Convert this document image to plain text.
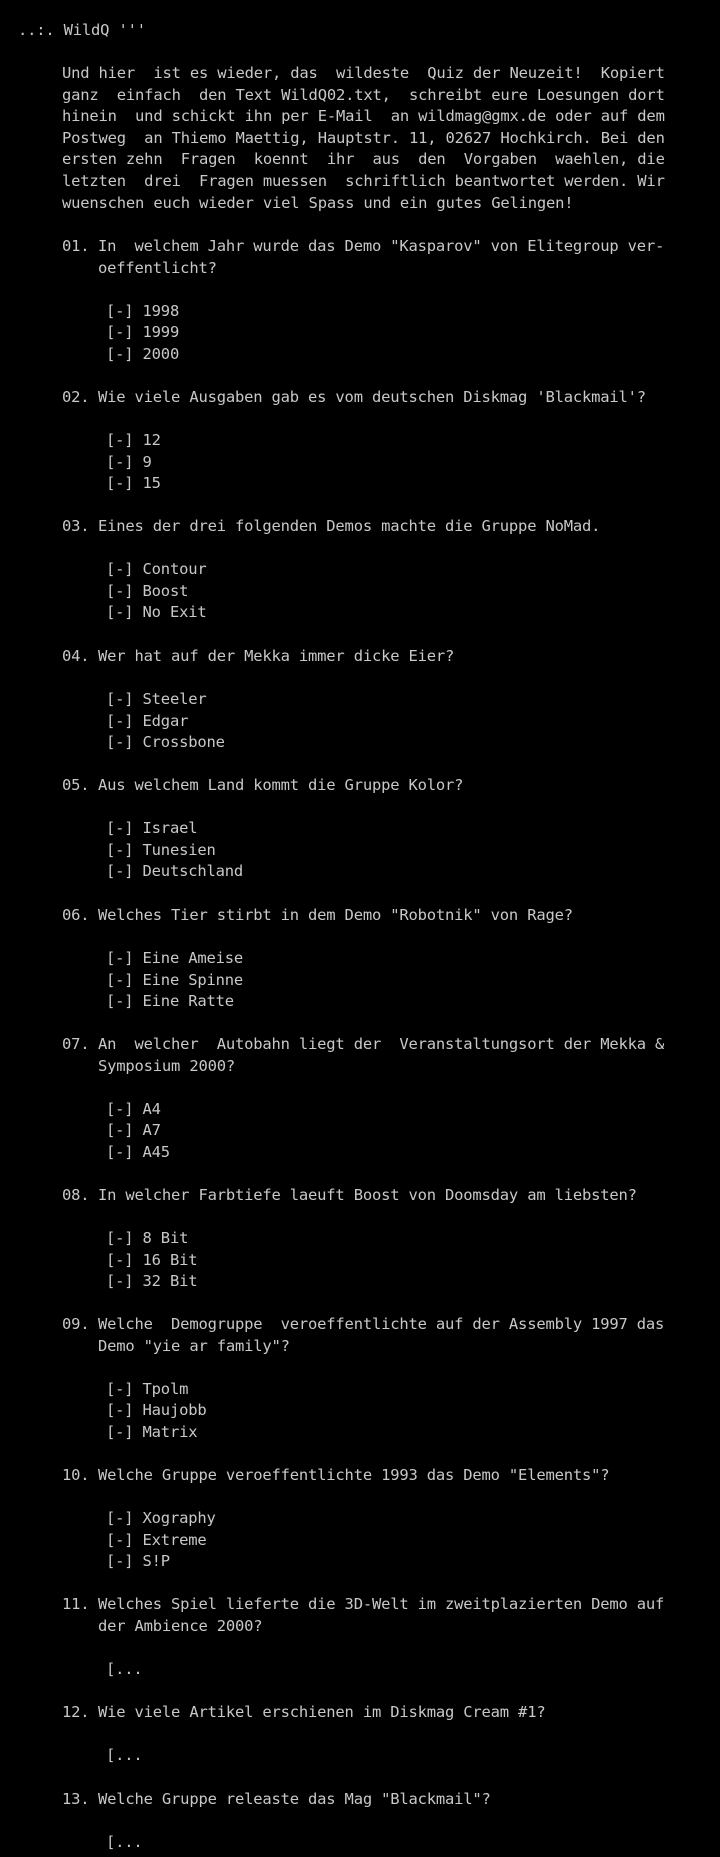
..:. WildQ '''

Und hier  ist es wieder, das  wildeste  Quiz der Neuzeit!  Kopiert

ganz  einfach  den Text WildQ02.txt,  schreibt eure Loesungen dort

hinein  und schickt ihn per E-Mail  an wildmag@gmx.de oder auf dem

Postweg  an Thiemo Maettig, Hauptstr. 11, 02627 Hochkirch. Bei den

ersten zehn  Fragen  koennt  ihr  aus  den  Vorgaben  waehlen, die

letzten  drei  Fragen muessen  schriftlich beantwortet werden. Wir

wuenschen euch wieder viel Spass und ein gutes Gelingen!

01. In  welchem Jahr wurde das Demo "Kasparov" von Elitegroup ver-
oeffentlicht?
[-] 1998
[-] 1999
[-] 2000
02. Wie viele Ausgaben gab es vom deutschen Diskmag 'Blackmail'?
[-] 12
[-] 9
[-] 15
03. Eines der drei folgenden Demos machte die Gruppe NoMad.
[-] Contour
[-] Boost
[-] No Exit
04. Wer hat auf der Mekka immer dicke Eier?
[-] Steeler
[-] Edgar
[-] Crossbone
05. Aus welchem Land kommt die Gruppe Kolor?
[-] Israel
[-] Tunesien
[-] Deutschland
06. Welches Tier stirbt in dem Demo "Robotnik" von Rage?
[-] Eine Ameise
[-] Eine Spinne
[-] Eine Ratte
07. An  welcher  Autobahn liegt der  Veranstaltungsort der Mekka &
Symposium 2000?
[-] A4
[-] A7
[-] A45
08. In welcher Farbtiefe laeuft Boost von Doomsday am liebsten?
[-] 8 Bit
[-] 16 Bit
[-] 32 Bit
09. Welche  Demogruppe  veroeffentlichte auf der Assembly 1997 das
Demo "yie ar family"?
[-] Tpolm
[-] Haujobb
[-] Matrix
10. Welche Gruppe veroeffentlichte 1993 das Demo "Elements"?
[-] Xography
[-] Extreme
[-] S!P
11. Welches Spiel lieferte die 3D-Welt im zweitplazierten Demo auf
der Ambience 2000?
[...
12. Wie viele Artikel erschienen im Diskmag Cream #1?
[...
13. Welche Gruppe releaste das Mag "Blackmail"?
[...
